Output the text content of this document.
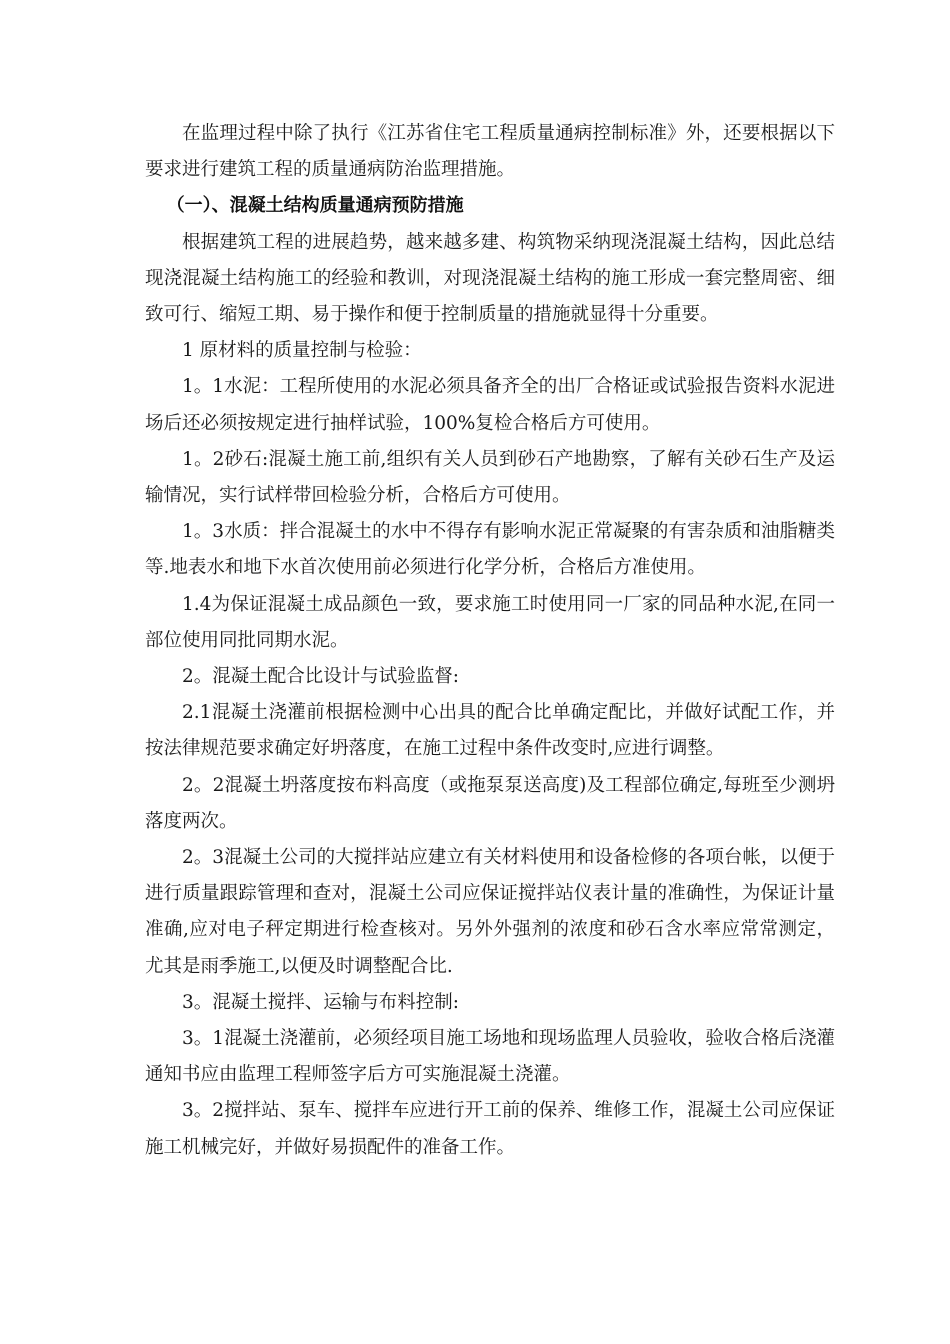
在监理过程中除了执行《江苏省住宅工程质量通病控制标准》外，还要根据以下要求进行建筑工程的质量通病防治监理措施。

（一）、混凝土结构质量通病预防措施

根据建筑工程的进展趋势，越来越多建、构筑物采纳现浇混凝土结构，因此总结现浇混凝土结构施工的经验和教训，对现浇混凝土结构的施工形成一套完整周密、细致可行、缩短工期、易于操作和便于控制质量的措施就显得十分重要。

1 原材料的质量控制与检验：

1。1水泥：工程所使用的水泥必须具备齐全的出厂合格证或试验报告资料水泥进场后还必须按规定进行抽样试验，100%复检合格后方可使用。

1。2砂石:混凝土施工前,组织有关人员到砂石产地勘察，了解有关砂石生产及运输情况，实行试样带回检验分析，合格后方可使用。

1。3水质：拌合混凝土的水中不得存有影响水泥正常凝聚的有害杂质和油脂糖类等.地表水和地下水首次使用前必须进行化学分析，合格后方准使用。

1.4为保证混凝土成品颜色一致，要求施工时使用同一厂家的同品种水泥,在同一部位使用同批同期水泥。

2。混凝土配合比设计与试验监督:

2.1混凝土浇灌前根据检测中心出具的配合比单确定配比，并做好试配工作，并按法律规范要求确定好坍落度，在施工过程中条件改变时,应进行调整。

2。2混凝土坍落度按布料高度（或拖泵泵送高度)及工程部位确定,每班至少测坍落度两次。

2。3混凝土公司的大搅拌站应建立有关材料使用和设备检修的各项台帐，以便于进行质量跟踪管理和查对，混凝土公司应保证搅拌站仪表计量的准确性，为保证计量准确,应对电子秤定期进行检查核对。另外外强剂的浓度和砂石含水率应常常测定，尤其是雨季施工,以便及时调整配合比.

3。混凝土搅拌、运输与布料控制:

3。1混凝土浇灌前，必须经项目施工场地和现场监理人员验收，验收合格后浇灌通知书应由监理工程师签字后方可实施混凝土浇灌。

3。2搅拌站、泵车、搅拌车应进行开工前的保养、维修工作，混凝土公司应保证施工机械完好，并做好易损配件的准备工作。
